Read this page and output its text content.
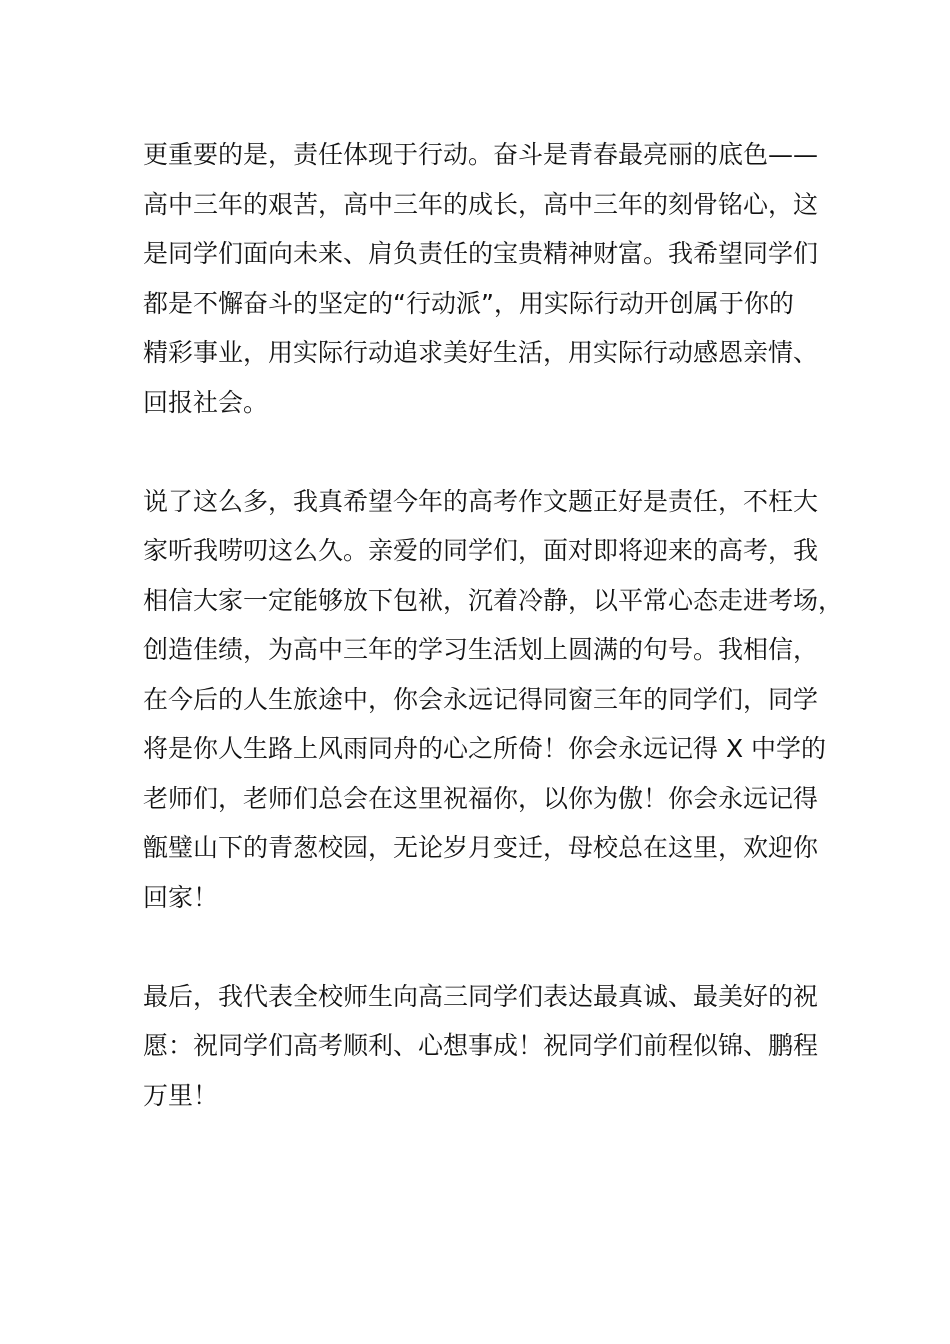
更重要的是，责任体现于行动。奋斗是青春最亮丽的底色——
高中三年的艰苦，高中三年的成长，高中三年的刻骨铭心，这
是同学们面向未来、肩负责任的宝贵精神财富。我希望同学们
都是不懈奋斗的坚定的“行动派”，用实际行动开创属于你的
精彩事业，用实际行动追求美好生活，用实际行动感恩亲情、
回报社会。

说了这么多，我真希望今年的高考作文题正好是责任，不枉大
家听我唠叨这么久。亲爱的同学们，面对即将迎来的高考，我
相信大家一定能够放下包袱，沉着冷静，以平常心态走进考场，
创造佳绩，为高中三年的学习生活划上圆满的句号。我相信，
在今后的人生旅途中，你会永远记得同窗三年的同学们，同学
将是你人生路上风雨同舟的心之所倚！你会永远记得 X 中学的
老师们，老师们总会在这里祝福你，以你为傲！你会永远记得
甑璧山下的青葱校园，无论岁月变迁，母校总在这里，欢迎你
回家！

最后，我代表全校师生向高三同学们表达最真诚、最美好的祝
愿：祝同学们高考顺利、心想事成！祝同学们前程似锦、鹏程
万里！
